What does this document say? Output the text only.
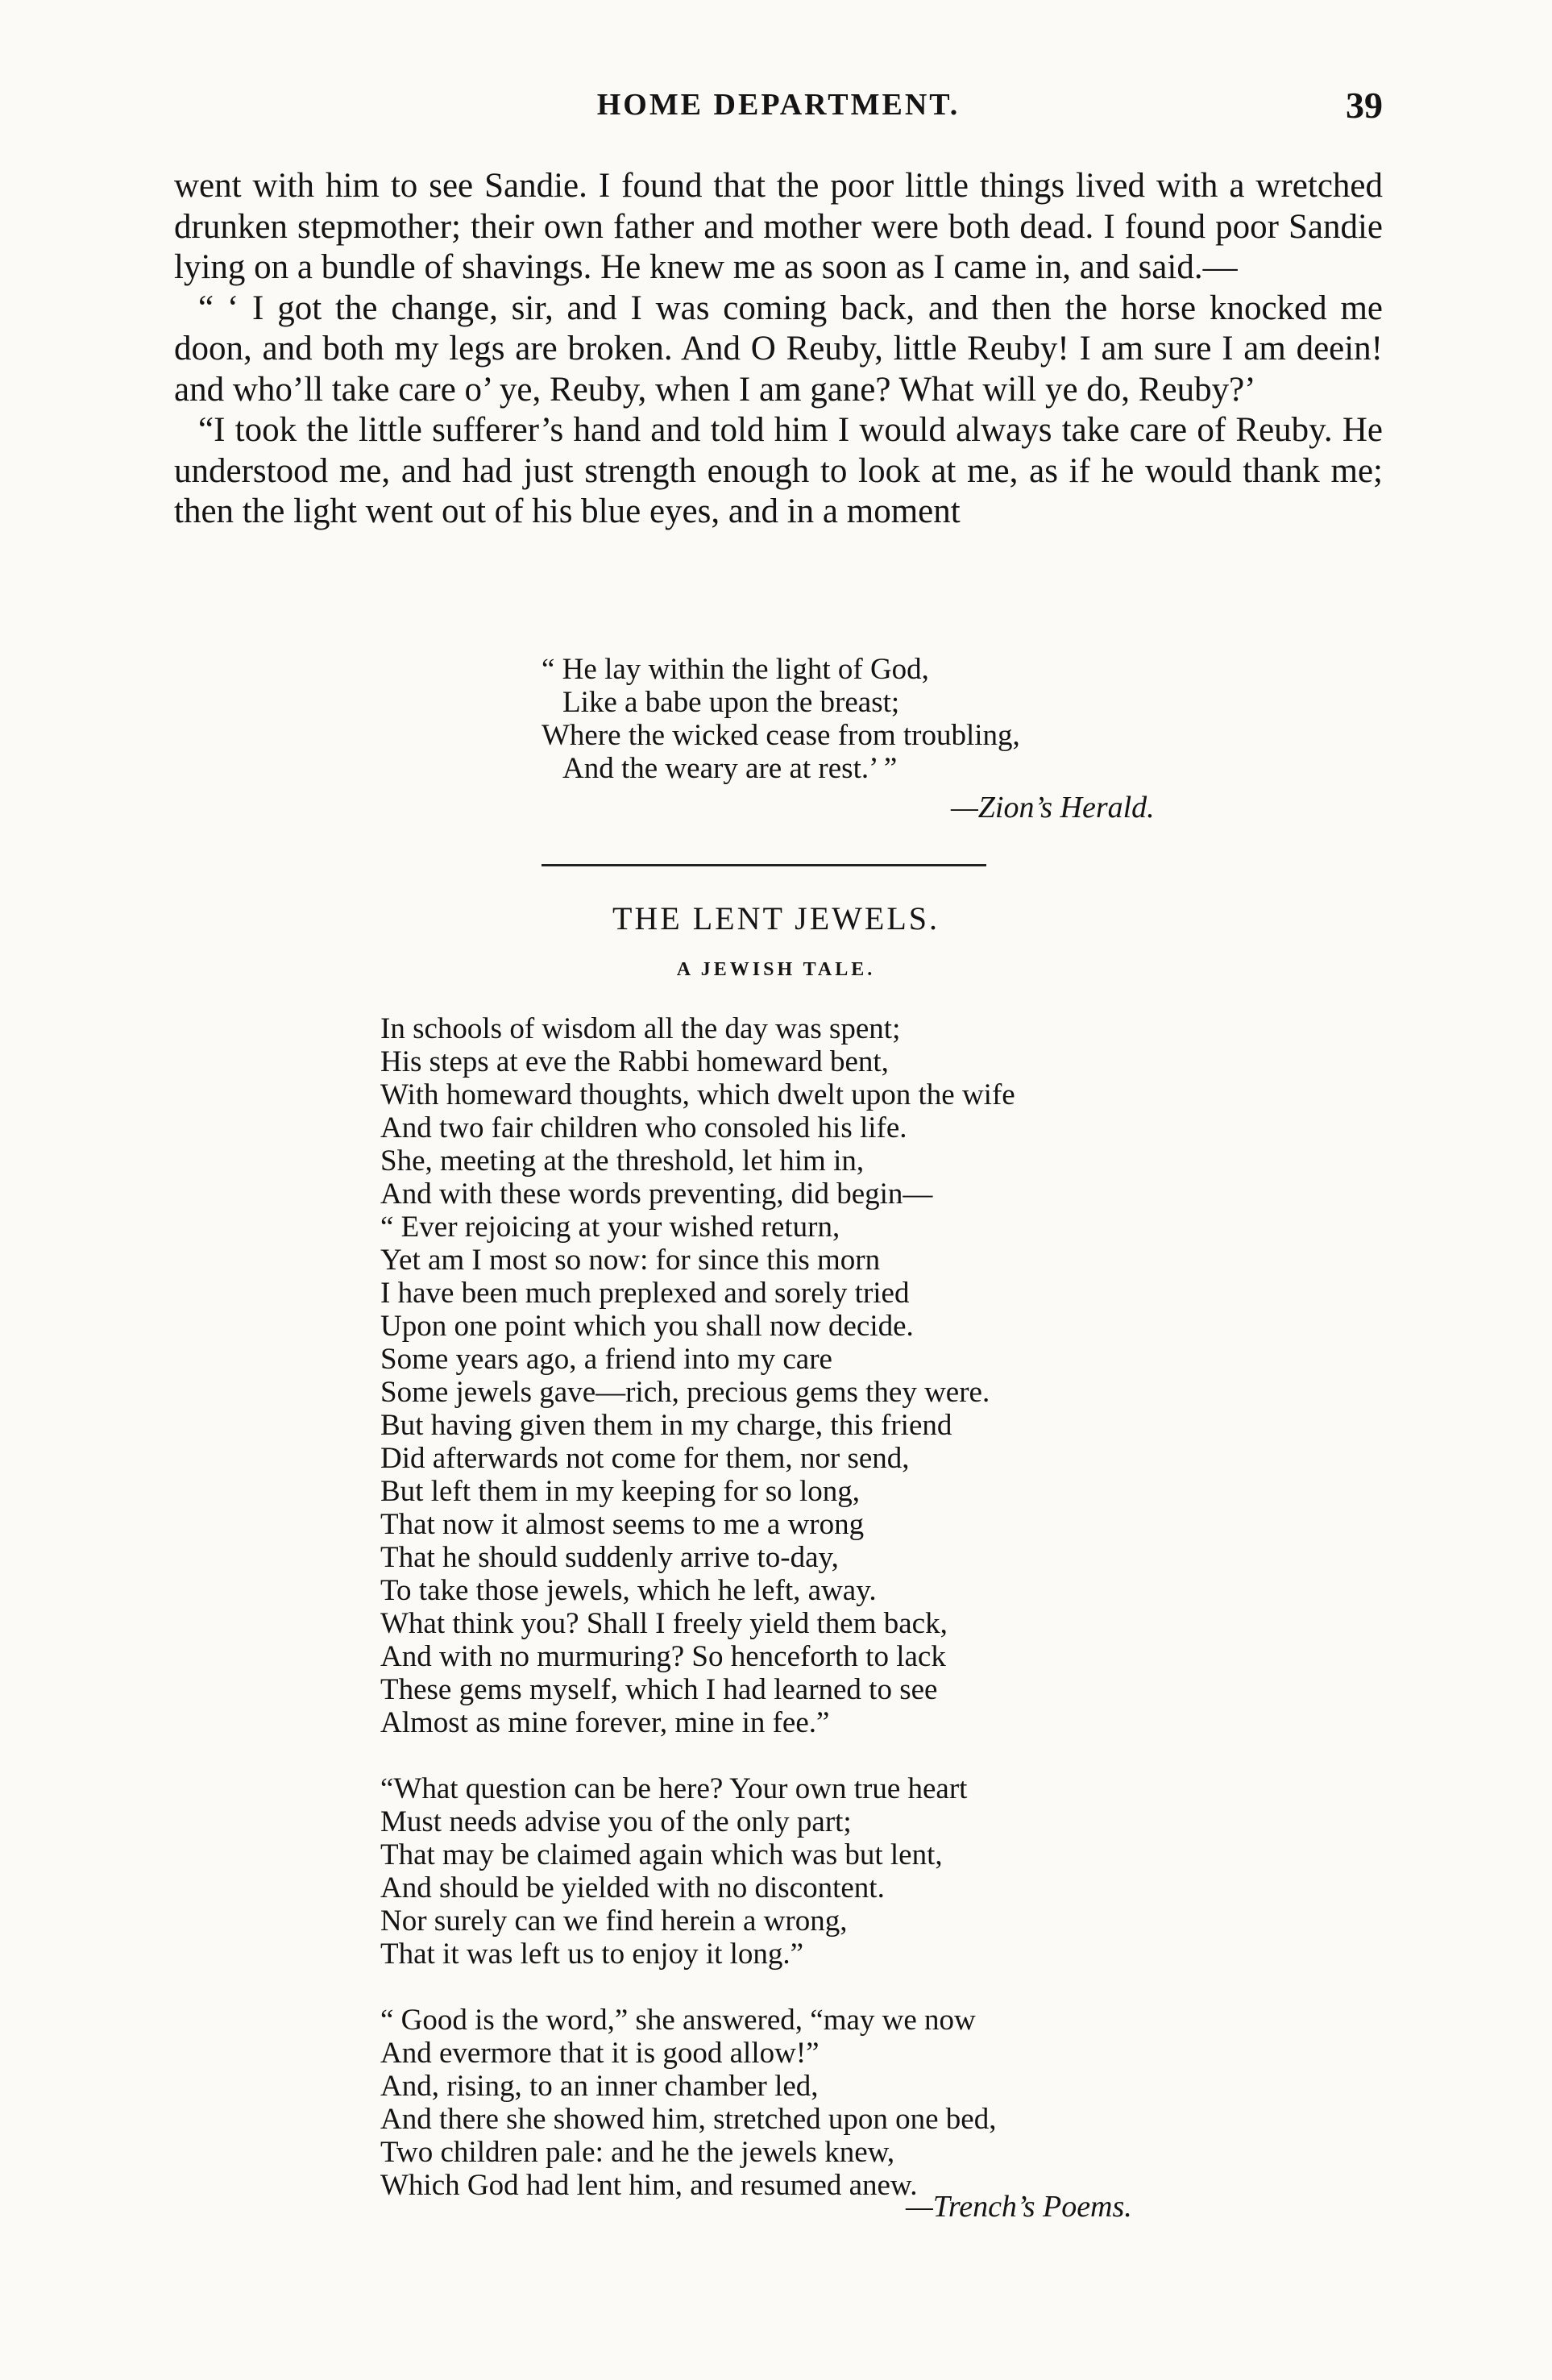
HOME DEPARTMENT.	39

went with him to see Sandie. I found that the poor little things lived with a wretched drunken stepmother; their own father and mother were both dead. I found poor Sandie lying on a bundle of shavings. He knew me as soon as I came in, and said.—

“ ‘ I got the change, sir, and I was coming back, and then the horse knocked me doon, and both my legs are broken. And O Reuby, little Reuby! I am sure I am deein! and who’ll take care o’ ye, Reuby, when I am gane? What will ye do, Reuby?’

“I took the little sufferer’s hand and told him I would always take care of Reuby. He understood me, and had just strength enough to look at me, as if he would thank me; then the light went out of his blue eyes, and in a moment

“ He lay within the light of God,
Like a babe upon the breast;
Where the wicked cease from troubling,
And the weary are at rest.’ ”
—Zion’s Herald.
THE LENT JEWELS.
A JEWISH TALE.
In schools of wisdom all the day was spent;
His steps at eve the Rabbi homeward bent,
With homeward thoughts, which dwelt upon the wife
And two fair children who consoled his life.
She, meeting at the threshold, let him in,
And with these words preventing, did begin—
“ Ever rejoicing at your wished return,
Yet am I most so now: for since this morn
I have been much preplexed and sorely tried
Upon one point which you shall now decide.
Some years ago, a friend into my care
Some jewels gave—rich, precious gems they were.
But having given them in my charge, this friend
Did afterwards not come for them, nor send,
But left them in my keeping for so long,
That now it almost seems to me a wrong
That he should suddenly arrive to-day,
To take those jewels, which he left, away.
What think you? Shall I freely yield them back,
And with no murmuring? So henceforth to lack
These gems myself, which I had learned to see
Almost as mine forever, mine in fee.”
“What question can be here? Your own true heart
Must needs advise you of the only part;
That may be claimed again which was but lent,
And should be yielded with no discontent.
Nor surely can we find herein a wrong,
That it was left us to enjoy it long.”
“ Good is the word,” she answered, “may we now
And evermore that it is good allow!”
And, rising, to an inner chamber led,
And there she showed him, stretched upon one bed,
Two children pale: and he the jewels knew,
Which God had lent him, and resumed anew.
—Trench’s Poems.
